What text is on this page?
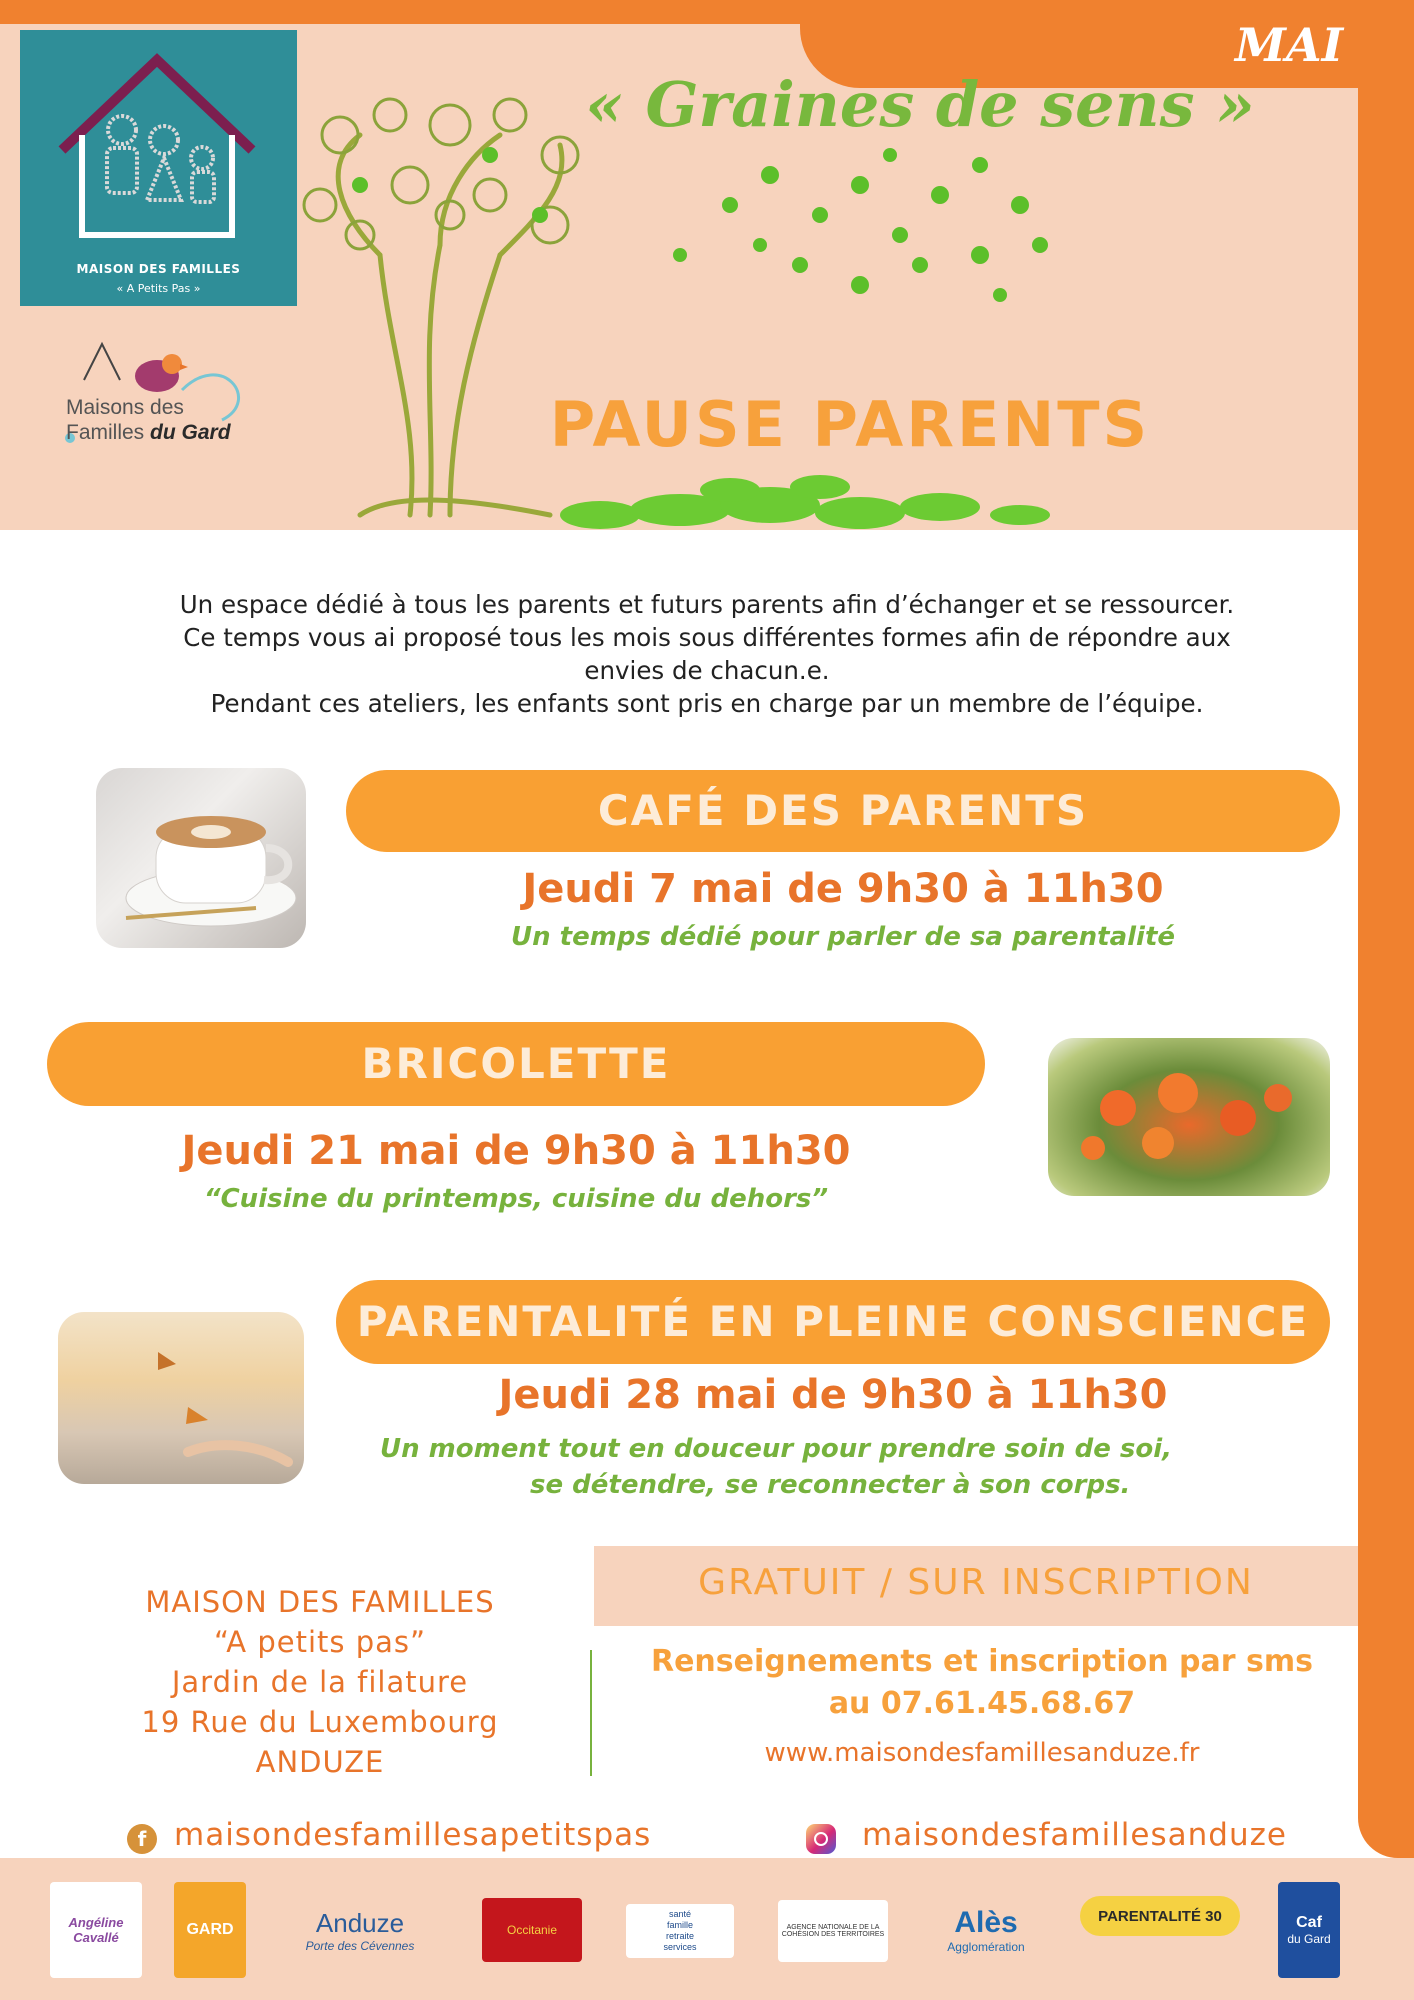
MAI
MAISON DES FAMILLES
« A Petits Pas »
Maisons des
Familles du Gard
« Graines de sens »
PAUSE PARENTS
Un espace dédié à tous les parents et futurs parents afin d’échanger et se ressourcer.
Ce temps vous ai proposé tous les mois sous différentes formes afin de répondre aux
envies de chacun.e.
Pendant ces ateliers, les enfants sont pris en charge par un membre de l’équipe.
CAFÉ DES PARENTS
Jeudi 7 mai de 9h30 à 11h30
Un temps dédié pour parler de sa parentalité
BRICOLETTE
Jeudi 21 mai de 9h30 à 11h30
“Cuisine du printemps, cuisine du dehors”
PARENTALITÉ EN PLEINE CONSCIENCE
Jeudi 28 mai de 9h30 à 11h30
Un moment tout en douceur pour prendre soin de soi,
se détendre, se reconnecter à son corps.
MAISON DES FAMILLES
“A petits pas”
Jardin de la filature
19 Rue du Luxembourg
ANDUZE
GRATUIT / SUR INSCRIPTION
Renseignements et inscription par sms
au 07.61.45.68.67
www.maisondesfamillesanduze.fr
f maisondesfamillesapetitspas	maisondesfamillesanduze
Angéline Cavallé	GARD	Anduze
Porte des Cévennes
Occitanie
santé
famille
retraite
services
AGENCE NATIONALE DE LA COHÉSION DES TERRITOIRES Alès
Agglomération
PARENTALITÉ 30	Caf
du Gard
